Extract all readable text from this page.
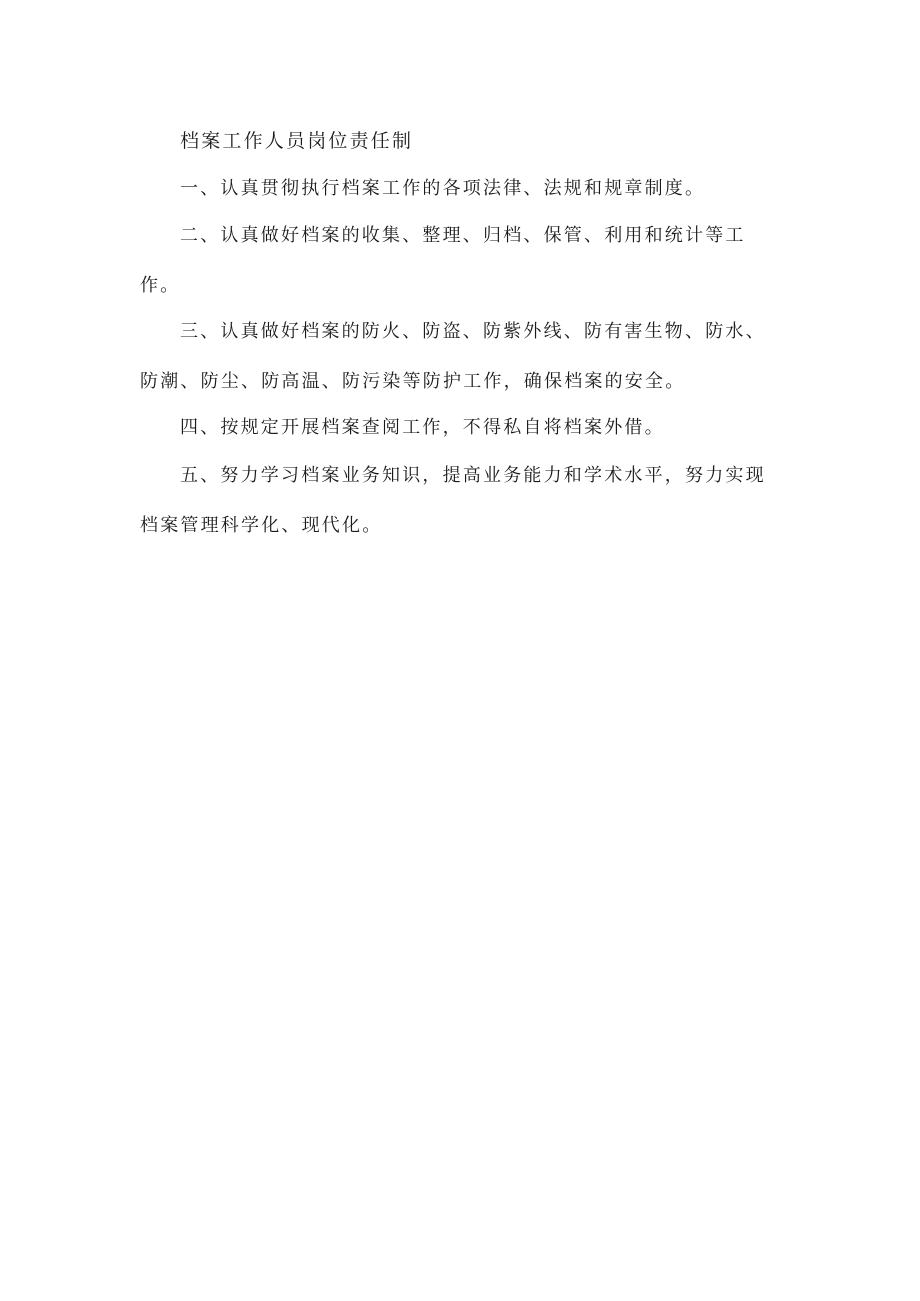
档案工作人员岗位责任制

一、认真贯彻执行档案工作的各项法律、法规和规章制度。

二、认真做好档案的收集、整理、归档、保管、利用和统计等工作。

三、认真做好档案的防火、防盗、防紫外线、防有害生物、防水、防潮、防尘、防高温、防污染等防护工作，确保档案的安全。

四、按规定开展档案查阅工作，不得私自将档案外借。

五、努力学习档案业务知识，提高业务能力和学术水平，努力实现档案管理科学化、现代化。
